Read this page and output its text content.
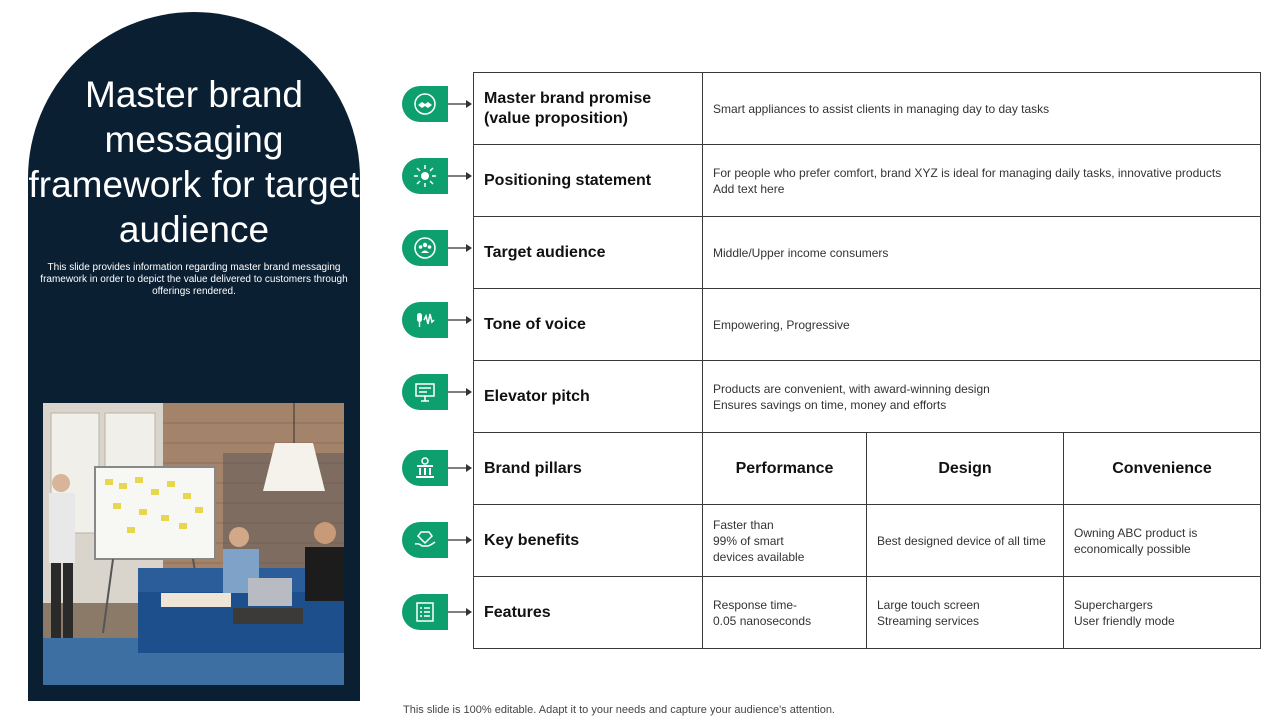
Master brand messaging framework for target audience

This slide provides information regarding master brand messaging framework in order to depict the value delivered to customers through offerings rendered.

Master brand promise (value proposition)	Smart appliances to assist clients in managing day to day tasks		
Positioning statement	For people who prefer comfort, brand XYZ is ideal for managing daily tasks, innovative products
Add text here		
Target audience	Middle/Upper income consumers		
Tone of voice	Empowering, Progressive		
Elevator pitch	Products are convenient, with award-winning design
Ensures savings on time, money and efforts		
Brand pillars	Performance	Design	Convenience
Key benefits	Faster than
99% of smart
devices available	Best designed device of all time	Owning ABC product is economically possible
Features	Response time-
0.05 nanoseconds	Large touch screen
Streaming services	Superchargers
User friendly mode

This slide is 100% editable. Adapt it to your needs and capture your audience's attention.
